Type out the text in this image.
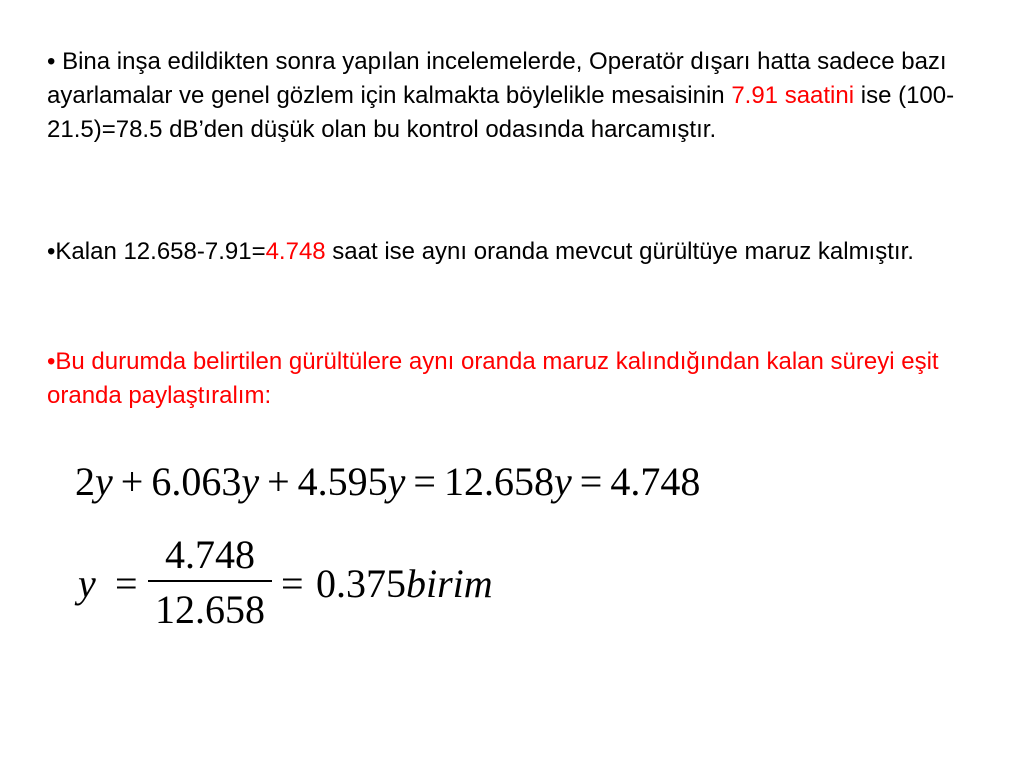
• Bina inşa edildikten sonra yapılan incelemelerde, Operatör dışarı hatta sadece bazı ayarlamalar ve genel gözlem için kalmakta böylelikle mesaisinin 7.91 saatini ise (100-21.5)=78.5 dB’den düşük olan bu kontrol odasında harcamıştır.
•Kalan 12.658-7.91=4.748 saat ise aynı oranda mevcut gürültüye maruz kalmıştır.
•Bu durumda belirtilen gürültülere aynı oranda maruz kalındığından kalan süreyi eşit oranda paylaştıralım:
2y + 6.063y + 4.595y = 12.658y = 4.748
y =
4.748
12.658
= 0.375birim
